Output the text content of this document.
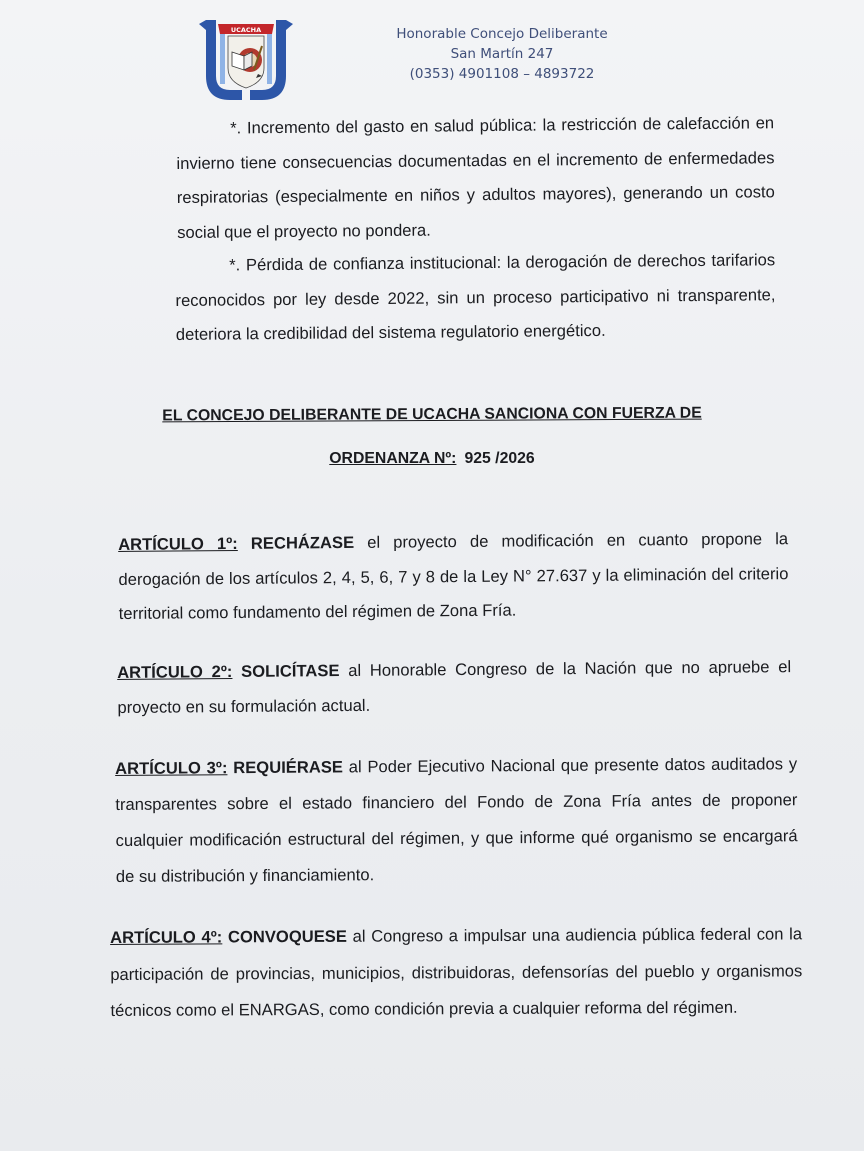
UCACHA	Honorable Concejo Deliberante
San Martín 247
(0353) 4901108 – 4893722

*. Incremento del gasto en salud pública: la restricción de calefacción en invierno tiene consecuencias documentadas en el incremento de enfermedades respiratorias (especialmente en niños y adultos mayores), generando un costo social que el proyecto no pondera.

*. Pérdida de confianza institucional: la derogación de derechos tarifarios reconocidos por ley desde 2022, sin un proceso participativo ni transparente, deteriora la credibilidad del sistema regulatorio energético.

EL CONCEJO DELIBERANTE DE UCACHA SANCIONA CON FUERZA DE

ORDENANZA Nº: 925 /2026

ARTÍCULO 1º: RECHÁZASE el proyecto de modificación en cuanto propone la derogación de los artículos 2, 4, 5, 6, 7 y 8 de la Ley N° 27.637 y la eliminación del criterio territorial como fundamento del régimen de Zona Fría.

ARTÍCULO 2º: SOLICÍTASE al Honorable Congreso de la Nación que no apruebe el proyecto en su formulación actual.

ARTÍCULO 3º: REQUIÉRASE al Poder Ejecutivo Nacional que presente datos auditados y transparentes sobre el estado financiero del Fondo de Zona Fría antes de proponer cualquier modificación estructural del régimen, y que informe qué organismo se encargará de su distribución y financiamiento.

ARTÍCULO 4º: CONVOQUESE al Congreso a impulsar una audiencia pública federal con la participación de provincias, municipios, distribuidoras, defensorías del pueblo y organismos técnicos como el ENARGAS, como condición previa a cualquier reforma del régimen.
